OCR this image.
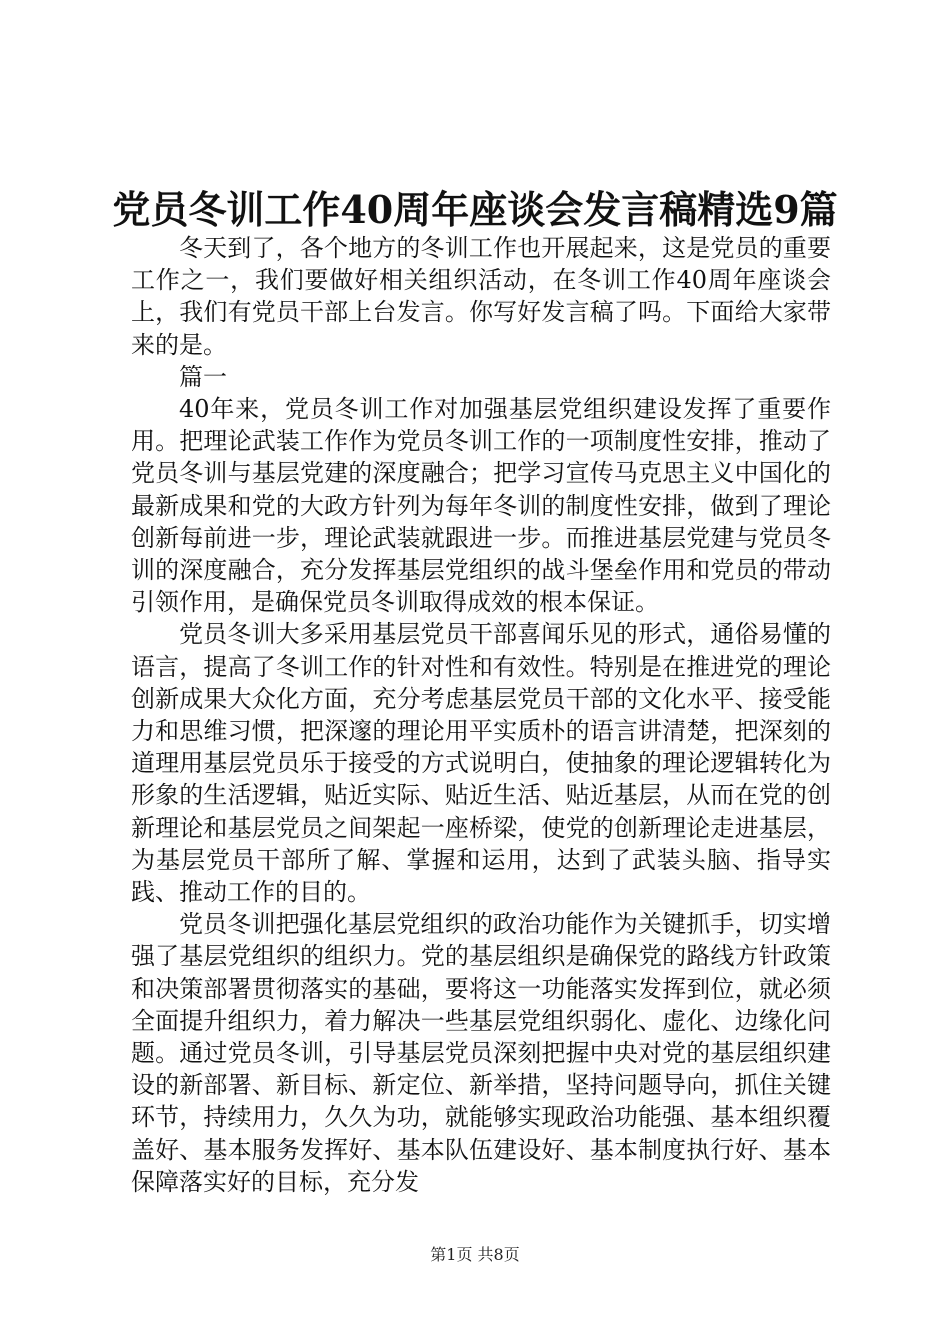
党员冬训工作40周年座谈会发言稿精选9篇

冬天到了，各个地方的冬训工作也开展起来，这是党员的重要工作之一，我们要做好相关组织活动，在冬训工作40周年座谈会上，我们有党员干部上台发言。你写好发言稿了吗。下面给大家带来的是。

篇一

40年来，党员冬训工作对加强基层党组织建设发挥了重要作用。把理论武装工作作为党员冬训工作的一项制度性安排，推动了党员冬训与基层党建的深度融合；把学习宣传马克思主义中国化的最新成果和党的大政方针列为每年冬训的制度性安排，做到了理论创新每前进一步，理论武装就跟进一步。而推进基层党建与党员冬训的深度融合，充分发挥基层党组织的战斗堡垒作用和党员的带动引领作用，是确保党员冬训取得成效的根本保证。

党员冬训大多采用基层党员干部喜闻乐见的形式，通俗易懂的语言，提高了冬训工作的针对性和有效性。特别是在推进党的理论创新成果大众化方面，充分考虑基层党员干部的文化水平、接受能力和思维习惯，把深邃的理论用平实质朴的语言讲清楚，把深刻的道理用基层党员乐于接受的方式说明白，使抽象的理论逻辑转化为形象的生活逻辑，贴近实际、贴近生活、贴近基层，从而在党的创新理论和基层党员之间架起一座桥梁，使党的创新理论走进基层，为基层党员干部所了解、掌握和运用，达到了武装头脑、指导实践、推动工作的目的。

党员冬训把强化基层党组织的政治功能作为关键抓手，切实增强了基层党组织的组织力。党的基层组织是确保党的路线方针政策和决策部署贯彻落实的基础，要将这一功能落实发挥到位，就必须全面提升组织力，着力解决一些基层党组织弱化、虚化、边缘化问题。通过党员冬训，引导基层党员深刻把握中央对党的基层组织建设的新部署、新目标、新定位、新举措，坚持问题导向，抓住关键环节，持续用力，久久为功，就能够实现政治功能强、基本组织覆盖好、基本服务发挥好、基本队伍建设好、基本制度执行好、基本保障落实好的目标，充分发

第1页 共8页
